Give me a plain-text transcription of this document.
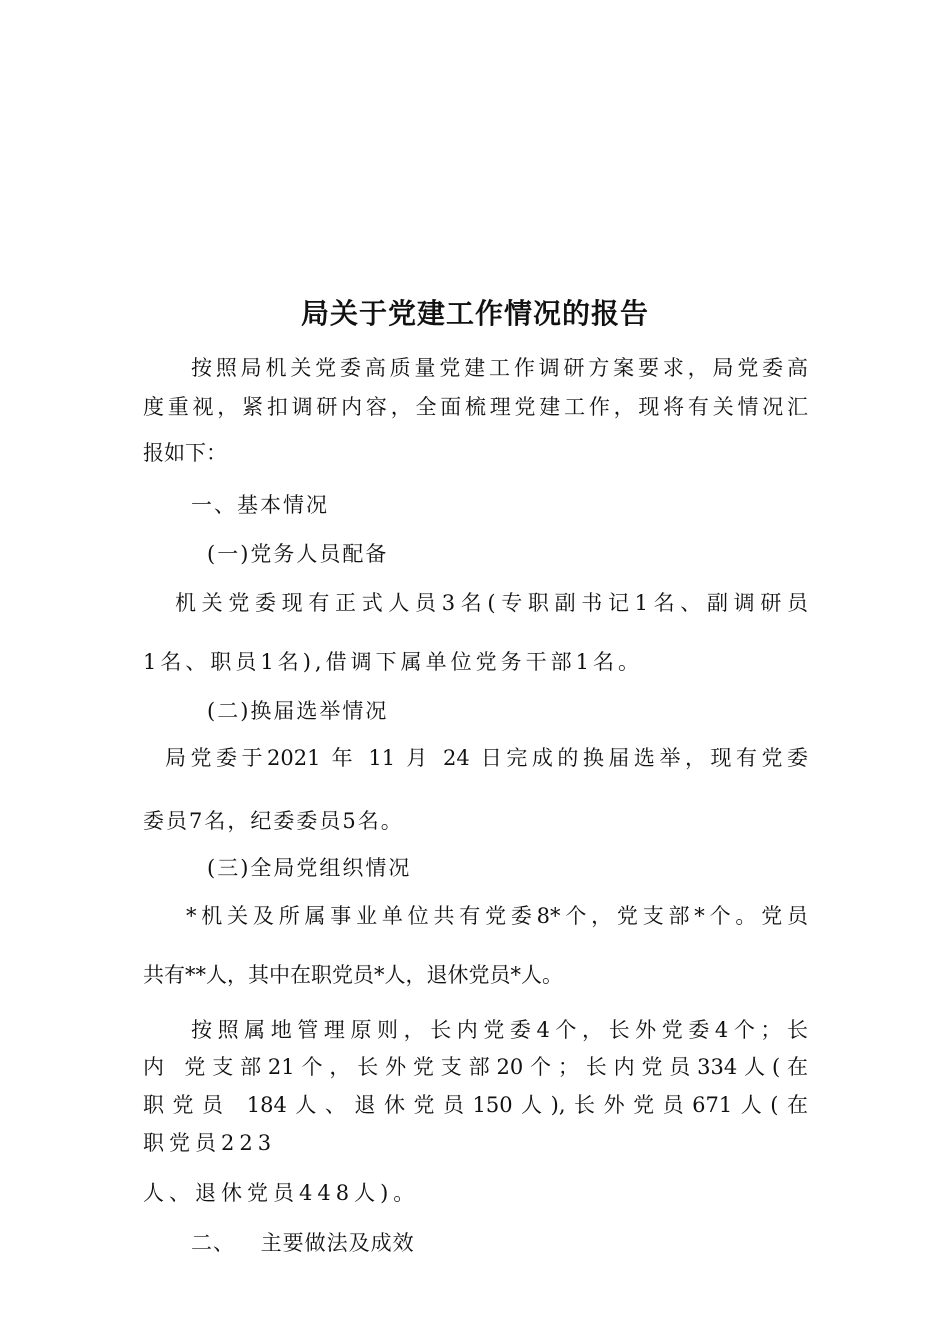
局关于党建工作情况的报告
按照局机关党委高质量党建工作调研方案要求，局党委高
度重视，紧扣调研内容，全面梳理党建工作，现将有关情况汇
报如下：
一、基本情况
(一)党务人员配备
机关党委现有正式人员3名(专职副书记1名、副调研员
1名、职员1名),借调下属单位党务干部1名。
(二)换届选举情况
局党委于2021 年 11 月 24 日完成的换届选举，现有党委
委员7名，纪委委员5名。
(三)全局党组织情况
*机关及所属事业单位共有党委8*个，党支部*个。党员
共有**人，其中在职党员*人，退休党员*人。
按照属地管理原则，长内党委4个，长外党委4个；长
内 党支部21个，长外党支部20个；长内党员334人(在
职党员 184人、退休党员150人),长外党员671人(在
职党员223
人、退休党员448人)。
二、 主要做法及成效
